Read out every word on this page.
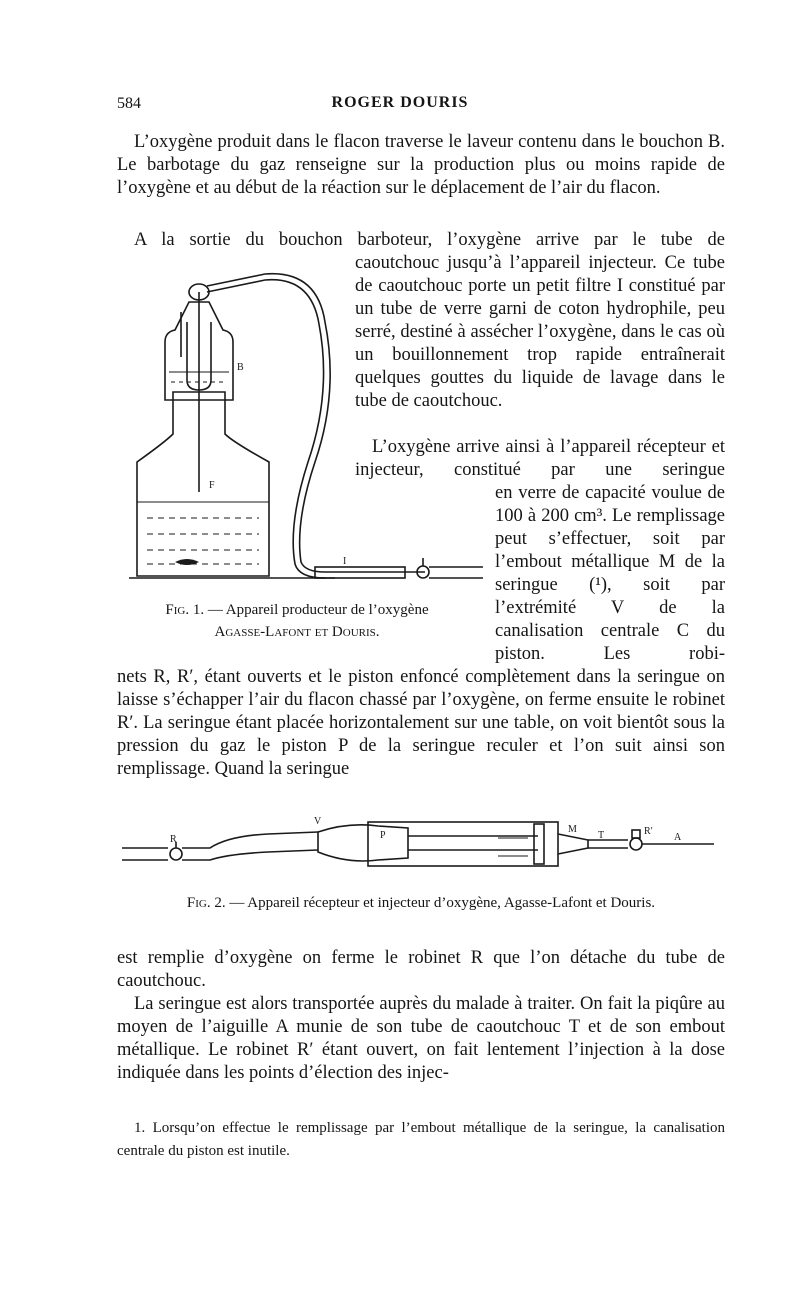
584	ROGER DOURIS

L’oxygène produit dans le flacon traverse le laveur contenu dans le bouchon B. Le barbotage du gaz renseigne sur la production plus ou moins rapide de l’oxygène et au début de la réaction sur le déplacement de l’air du flacon.

A la sortie du bouchon barboteur, l’oxygène arrive par le tube de

caoutchouc jusqu’à l’appareil injecteur. Ce tube de caoutchouc porte un petit filtre I constitué par un tube de verre garni de coton hydrophile, peu serré, destiné à assécher l’oxygène, dans le cas où un bouillonnement trop rapide entraînerait quelques gouttes du liquide de lavage dans le tube de caoutchouc.

L’oxygène arrive ainsi à l’appareil récepteur et injecteur, constitué par une seringue

en verre de capacité voulue de 100 à 200 cm³. Le remplissage peut s’effectuer, soit par l’embout métallique M de la seringue (¹), soit par l’extrémité V de la canalisation centrale C du piston. Les robi-

nets R, R′, étant ouverts et le piston enfoncé complètement dans la seringue on laisse s’échapper l’air du flacon chassé par l’oxygène, on ferme ensuite le robinet R′. La seringue étant placée horizontalement sur une table, on voit bientôt sous la pression du gaz le piston P de la seringue reculer et l’on suit ainsi son remplissage. Quand la seringue

B
F
I

Fig. 1. — Appareil producteur de l’oxygène
Agasse-Lafont et Douris.

R
V
P
M
T	R′
A

Fig. 2. — Appareil récepteur et injecteur d’oxygène, Agasse-Lafont et Douris.

est remplie d’oxygène on ferme le robinet R que l’on détache du tube de caoutchouc.

La seringue est alors transportée auprès du malade à traiter. On fait la piqûre au moyen de l’aiguille A munie de son tube de caoutchouc T et de son embout métallique. Le robinet R′ étant ouvert, on fait lentement l’injection à la dose indiquée dans les points d’élection des injec-

1. Lorsqu’on effectue le remplissage par l’embout métallique de la seringue, la canalisation centrale du piston est inutile.
